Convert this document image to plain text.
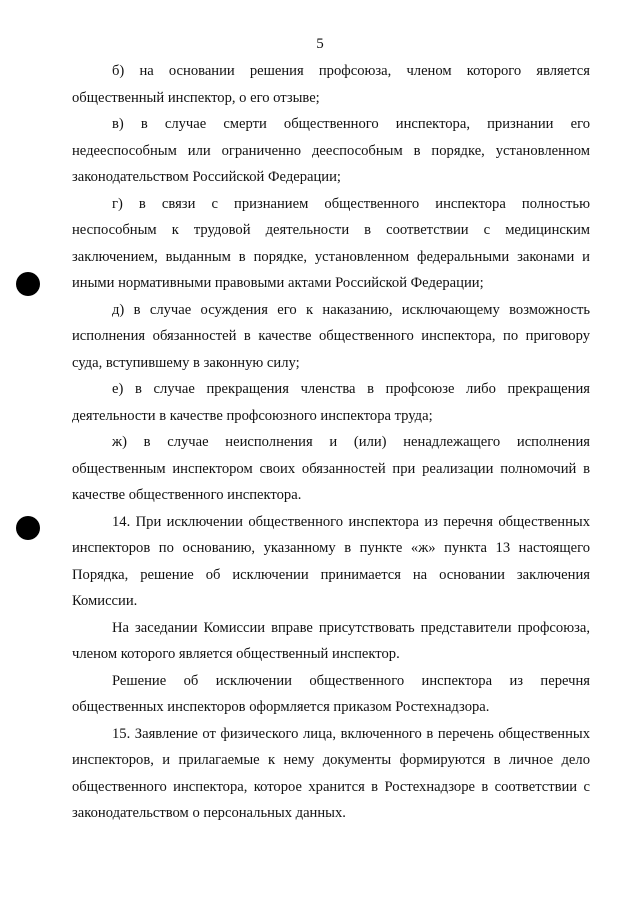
5

б) на основании решения профсоюза, членом которого является общественный инспектор, о его отзыве;

в) в случае смерти общественного инспектора, признании его недееспособным или ограниченно дееспособным в порядке, установленном законодательством Российской Федерации;

г) в связи с признанием общественного инспектора полностью неспособным к трудовой деятельности в соответствии с медицинским заключением, выданным в порядке, установленном федеральными законами и иными нормативными правовыми актами Российской Федерации;

д) в случае осуждения его к наказанию, исключающему возможность исполнения обязанностей в качестве общественного инспектора, по приговору суда, вступившему в законную силу;

е) в случае прекращения членства в профсоюзе либо прекращения деятельности в качестве профсоюзного инспектора труда;

ж) в случае неисполнения и (или) ненадлежащего исполнения общественным инспектором своих обязанностей при реализации полномочий в качестве общественного инспектора.

14. При исключении общественного инспектора из перечня общественных инспекторов по основанию, указанному в пункте «ж» пункта 13 настоящего Порядка, решение об исключении принимается на основании заключения Комиссии.

На заседании Комиссии вправе присутствовать представители профсоюза, членом которого является общественный инспектор.

Решение об исключении общественного инспектора из перечня общественных инспекторов оформляется приказом Ростехнадзора.

15. Заявление от физического лица, включенного в перечень общественных инспекторов, и прилагаемые к нему документы формируются в личное дело общественного инспектора, которое хранится в Ростехнадзоре в соответствии с законодательством о персональных данных.
